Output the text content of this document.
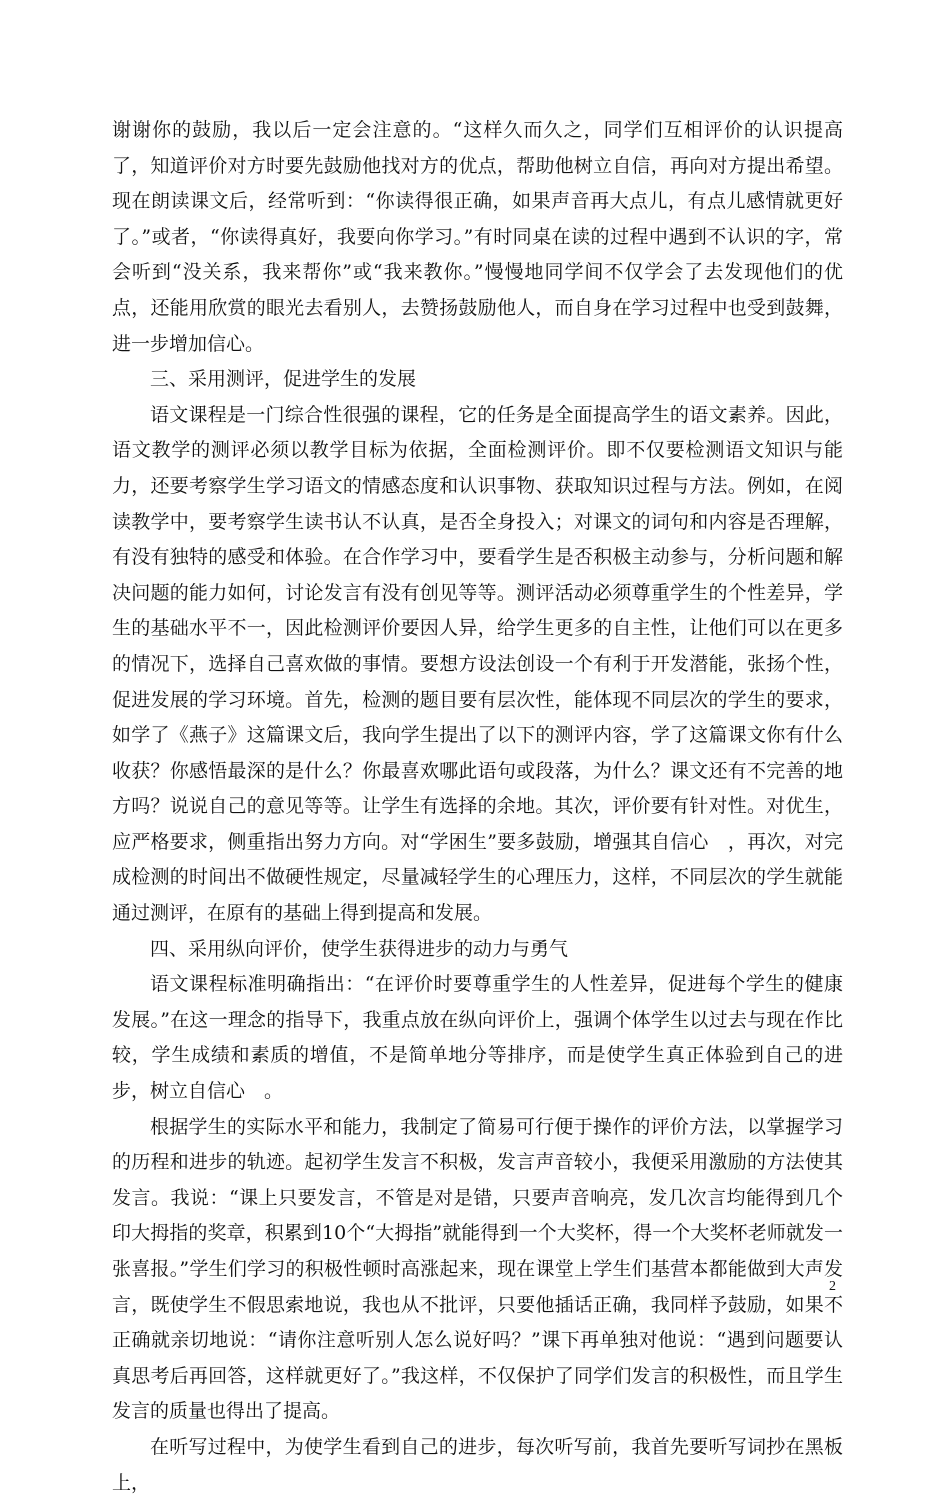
谢谢你的鼓励，我以后一定会注意的。“这样久而久之，同学们互相评价的认识提高了，知道评价对方时要先鼓励他找对方的优点，帮助他树立自信，再向对方提出希望。现在朗读课文后，经常听到：“你读得很正确，如果声音再大点儿，有点儿感情就更好了。”或者，“你读得真好，我要向你学习。”有时同桌在读的过程中遇到不认识的字，常会听到“没关系，我来帮你”或“我来教你。”慢慢地同学间不仅学会了去发现他们的优点，还能用欣赏的眼光去看别人，去赞扬鼓励他人，而自身在学习过程中也受到鼓舞，进一步增加信心。

三、采用测评，促进学生的发展

语文课程是一门综合性很强的课程，它的任务是全面提高学生的语文素养。因此，语文教学的测评必须以教学目标为依据，全面检测评价。即不仅要检测语文知识与能力，还要考察学生学习语文的情感态度和认识事物、获取知识过程与方法。例如，在阅读教学中，要考察学生读书认不认真，是否全身投入；对课文的词句和内容是否理解，有没有独特的感受和体验。在合作学习中，要看学生是否积极主动参与，分析问题和解决问题的能力如何，讨论发言有没有创见等等。测评活动必须尊重学生的个性差异，学生的基础水平不一，因此检测评价要因人异，给学生更多的自主性，让他们可以在更多的情况下，选择自己喜欢做的事情。要想方设法创设一个有利于开发潜能，张扬个性，促进发展的学习环境。首先，检测的题目要有层次性，能体现不同层次的学生的要求，如学了《燕子》这篇课文后，我向学生提出了以下的测评内容，学了这篇课文你有什么收获？你感悟最深的是什么？你最喜欢哪此语句或段落，为什么？课文还有不完善的地方吗？说说自己的意见等等。让学生有选择的余地。其次，评价要有针对性。对优生，应严格要求，侧重指出努力方向。对“学困生”要多鼓励，增强其自信心　，再次，对完成检测的时间出不做硬性规定，尽量减轻学生的心理压力，这样，不同层次的学生就能通过测评，在原有的基础上得到提高和发展。

四、采用纵向评价，使学生获得进步的动力与勇气

语文课程标准明确指出：“在评价时要尊重学生的人性差异，促进每个学生的健康发展。”在这一理念的指导下，我重点放在纵向评价上，强调个体学生以过去与现在作比较，学生成绩和素质的增值，不是简单地分等排序，而是使学生真正体验到自己的进步，树立自信心　。

根据学生的实际水平和能力，我制定了简易可行便于操作的评价方法，以掌握学习的历程和进步的轨迹。起初学生发言不积极，发言声音较小，我便采用激励的方法使其发言。我说：“课上只要发言，不管是对是错，只要声音响亮，发几次言均能得到几个印大拇指的奖章，积累到10个“大拇指”就能得到一个大奖杯，得一个大奖杯老师就发一张喜报。”学生们学习的积极性顿时高涨起来，现在课堂上学生们基营本都能做到大声发言，既使学生不假思索地说，我也从不批评，只要他插话正确，我同样予鼓励，如果不正确就亲切地说：“请你注意听别人怎么说好吗？”课下再单独对他说：“遇到问题要认真思考后再回答，这样就更好了。”我这样，不仅保护了同学们发言的积极性，而且学生发言的质量也得出了提高。

在听写过程中，为使学生看到自己的进步，每次听写前，我首先要听写词抄在黑板上，

2
